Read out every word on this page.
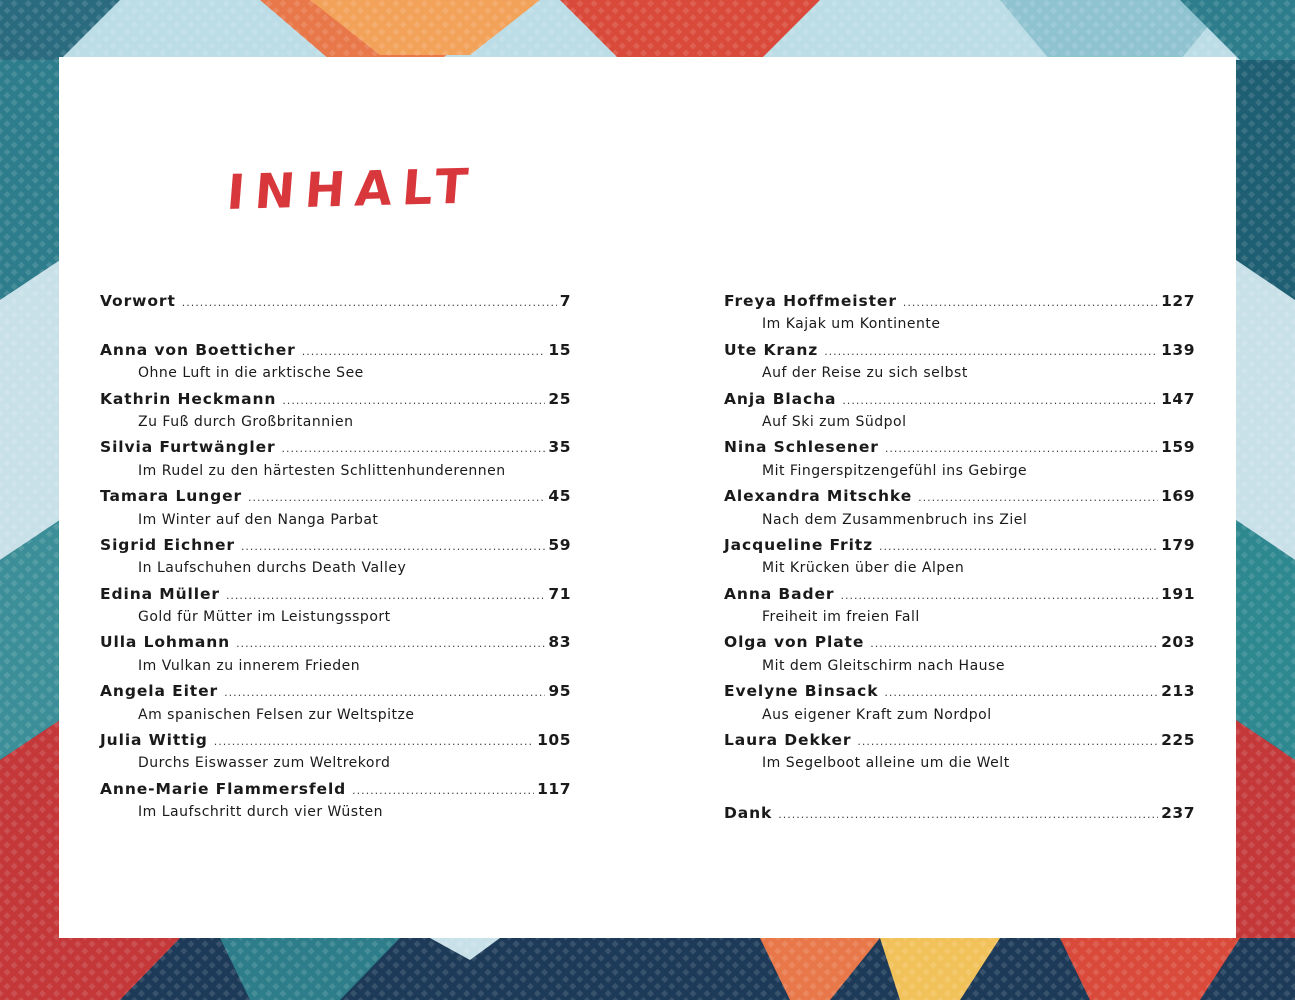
INHALT
Vorwort .....	7
Anna von Boetticher .....	15
Ohne Luft in die arktische See
Kathrin Heckmann .....	25
Zu Fuß durch Großbritannien
Silvia Furtwängler .....	35
Im Rudel zu den härtesten Schlittenhunderennen
Tamara Lunger .....	45
Im Winter auf den Nanga Parbat
Sigrid Eichner .....	59
In Laufschuhen durchs Death Valley
Edina Müller .....	71
Gold für Mütter im Leistungssport
Ulla Lohmann .....	83
Im Vulkan zu innerem Frieden
Angela Eiter .....	95
Am spanischen Felsen zur Weltspitze
Julia Wittig .....	105
Durchs Eiswasser zum Weltrekord
Anne-Marie Flammersfeld .....	117
Im Laufschritt durch vier Wüsten
Freya Hoffmeister .....	127
Im Kajak um Kontinente
Ute Kranz .....	139
Auf der Reise zu sich selbst
Anja Blacha .....	147
Auf Ski zum Südpol
Nina Schlesener .....	159
Mit Fingerspitzengefühl ins Gebirge
Alexandra Mitschke .....	169
Nach dem Zusammenbruch ins Ziel
Jacqueline Fritz .....	179
Mit Krücken über die Alpen
Anna Bader .....	191
Freiheit im freien Fall
Olga von Plate .....	203
Mit dem Gleitschirm nach Hause
Evelyne Binsack .....	213
Aus eigener Kraft zum Nordpol
Laura Dekker .....	225
Im Segelboot alleine um die Welt
Dank .....	237
